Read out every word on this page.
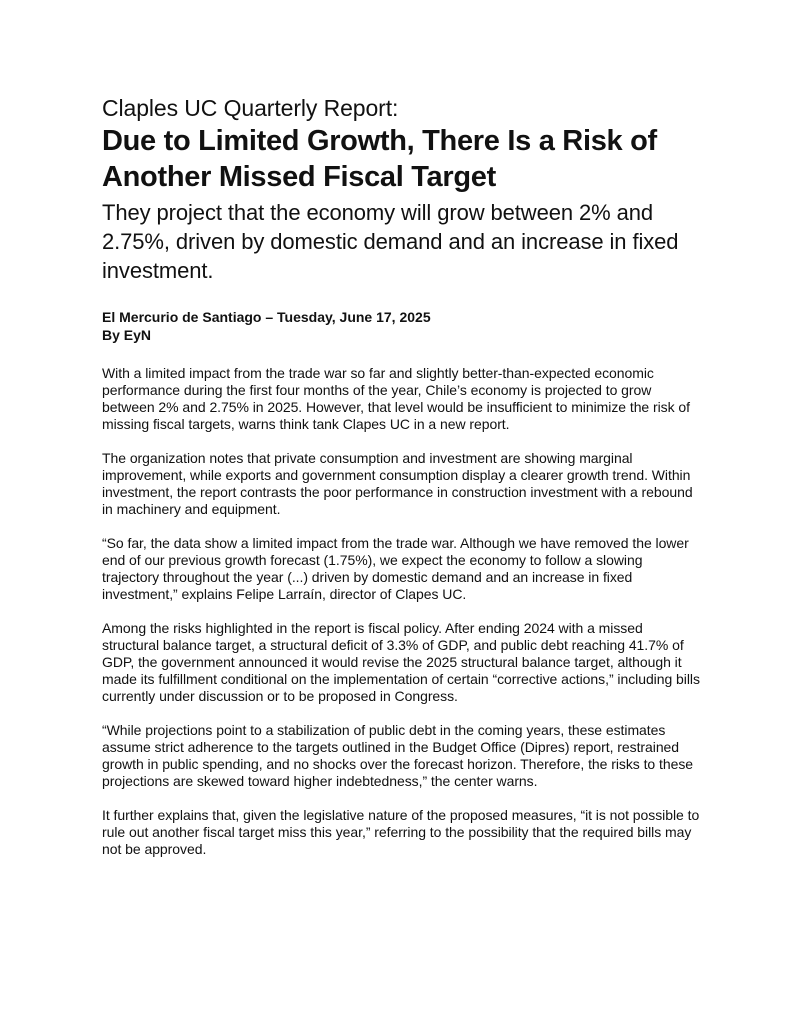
Claples UC Quarterly Report:
Due to Limited Growth, There Is a Risk of Another Missed Fiscal Target
They project that the economy will grow between 2% and 2.75%, driven by domestic demand and an increase in fixed investment.
El Mercurio de Santiago – Tuesday, June 17, 2025
By EyN

With a limited impact from the trade war so far and slightly better-than-expected economic performance during the first four months of the year, Chile’s economy is projected to grow between 2% and 2.75% in 2025. However, that level would be insufficient to minimize the risk of missing fiscal targets, warns think tank Clapes UC in a new report.

The organization notes that private consumption and investment are showing marginal improvement, while exports and government consumption display a clearer growth trend. Within investment, the report contrasts the poor performance in construction investment with a rebound in machinery and equipment.

“So far, the data show a limited impact from the trade war. Although we have removed the lower end of our previous growth forecast (1.75%), we expect the economy to follow a slowing trajectory throughout the year (...) driven by domestic demand and an increase in fixed investment,” explains Felipe Larraín, director of Clapes UC.

Among the risks highlighted in the report is fiscal policy. After ending 2024 with a missed structural balance target, a structural deficit of 3.3% of GDP, and public debt reaching 41.7% of GDP, the government announced it would revise the 2025 structural balance target, although it made its fulfillment conditional on the implementation of certain “corrective actions,” including bills currently under discussion or to be proposed in Congress.

“While projections point to a stabilization of public debt in the coming years, these estimates assume strict adherence to the targets outlined in the Budget Office (Dipres) report, restrained growth in public spending, and no shocks over the forecast horizon. Therefore, the risks to these projections are skewed toward higher indebtedness,” the center warns.

It further explains that, given the legislative nature of the proposed measures, “it is not possible to rule out another fiscal target miss this year,” referring to the possibility that the required bills may not be approved.
